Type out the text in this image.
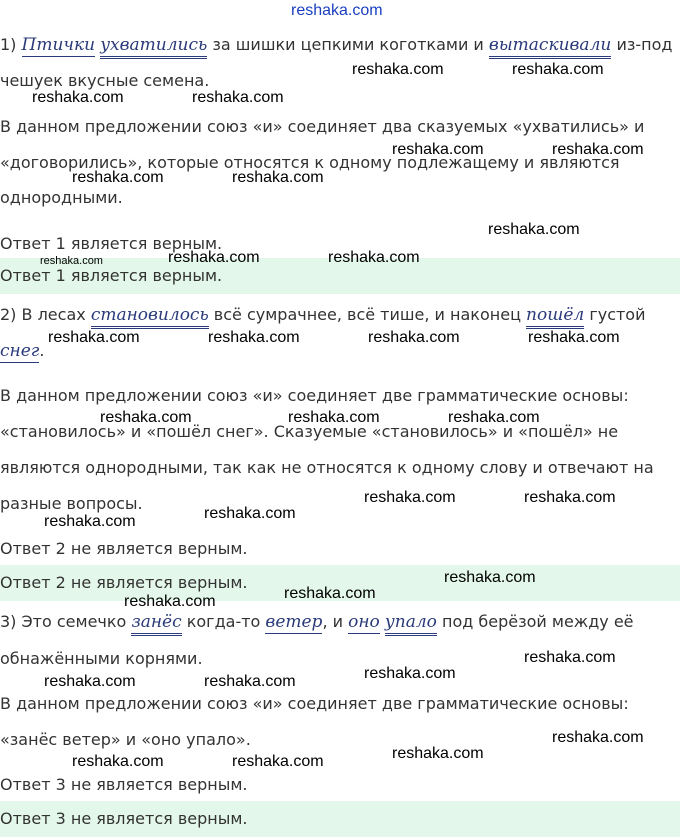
reshaka.com
1) Птички ухватились за шишки цепкими коготками и вытаскивали из-под
чешуек вкусные семена.
В данном предложении союз «и» соединяет два сказуемых «ухватились» и
«договорились», которые относятся к одному подлежащему и являются
однородными.
Ответ 1 является верным.
Ответ 1 является верным.
2) В лесах становилось всё сумрачнее, всё тише, и наконец пошёл густой
снег.
В данном предложении союз «и» соединяет две грамматические основы:
«становилось» и «пошёл снег». Сказуемые «становилось» и «пошёл» не
являются однородными, так как не относятся к одному слову и отвечают на
разные вопросы.
Ответ 2 не является верным.
Ответ 2 не является верным.
3) Это семечко занёс когда-то ветер, и оно упало под берёзой между её
обнажёнными корнями.
В данном предложении союз «и» соединяет две грамматические основы:
«занёс ветер» и «оно упало».
Ответ 3 не является верным.
Ответ 3 не является верным.
reshaka.com	reshaka.com
reshaka.com	reshaka.com
reshaka.com	reshaka.com
reshaka.com	reshaka.com
reshaka.com
reshaka.com	reshaka.com	reshaka.com
reshaka.com	reshaka.com	reshaka.com	reshaka.com
reshaka.com	reshaka.com	reshaka.com
reshaka.com	reshaka.com
reshaka.com	reshaka.com
reshaka.com
reshaka.com
reshaka.com
reshaka.com
reshaka.com
reshaka.com	reshaka.com
reshaka.com
reshaka.com
reshaka.com	reshaka.com
